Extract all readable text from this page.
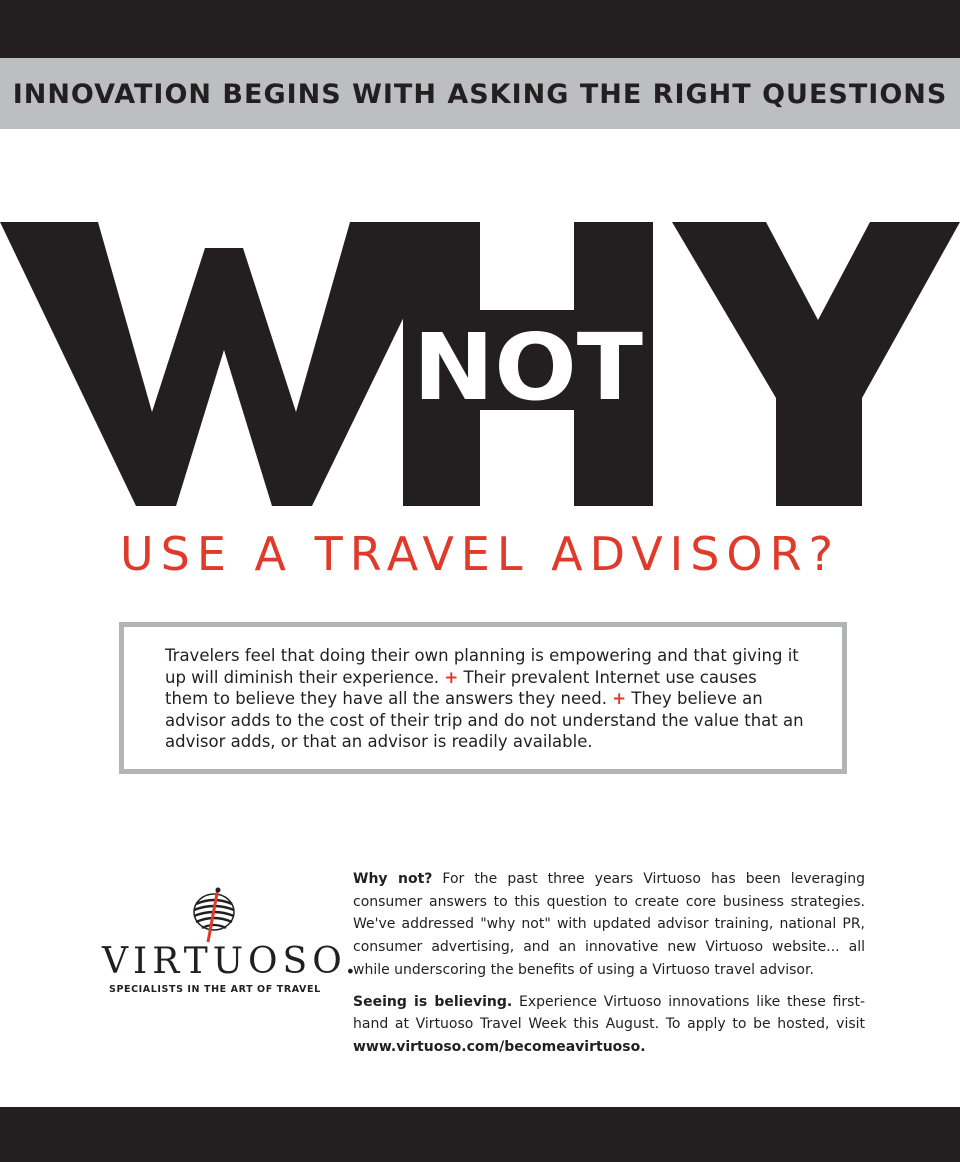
INNOVATION BEGINS WITH ASKING THE RIGHT QUESTIONS
NOT
USE A TRAVEL ADVISOR?
Travelers feel that doing their own planning is empowering and that giving it up will diminish their experience. + Their prevalent Internet use causes them to believe they have all the answers they need. + They believe an advisor adds to the cost of their trip and do not understand the value that an advisor adds, or that an advisor is readily available.
VIRTUOSO.
SPECIALISTS IN THE ART OF TRAVEL

Why not? For the past three years Virtuoso has been leveraging consumer answers to this question to create core business strategies. We've addressed "why not" with updated advisor training, national PR, consumer advertising, and an innovative new Virtuoso website... all while underscoring the benefits of using a Virtuoso travel advisor.

Seeing is believing. Experience Virtuoso innovations like these first-hand at Virtuoso Travel Week this August. To apply to be hosted, visit www.virtuoso.com/becomeavirtuoso.
